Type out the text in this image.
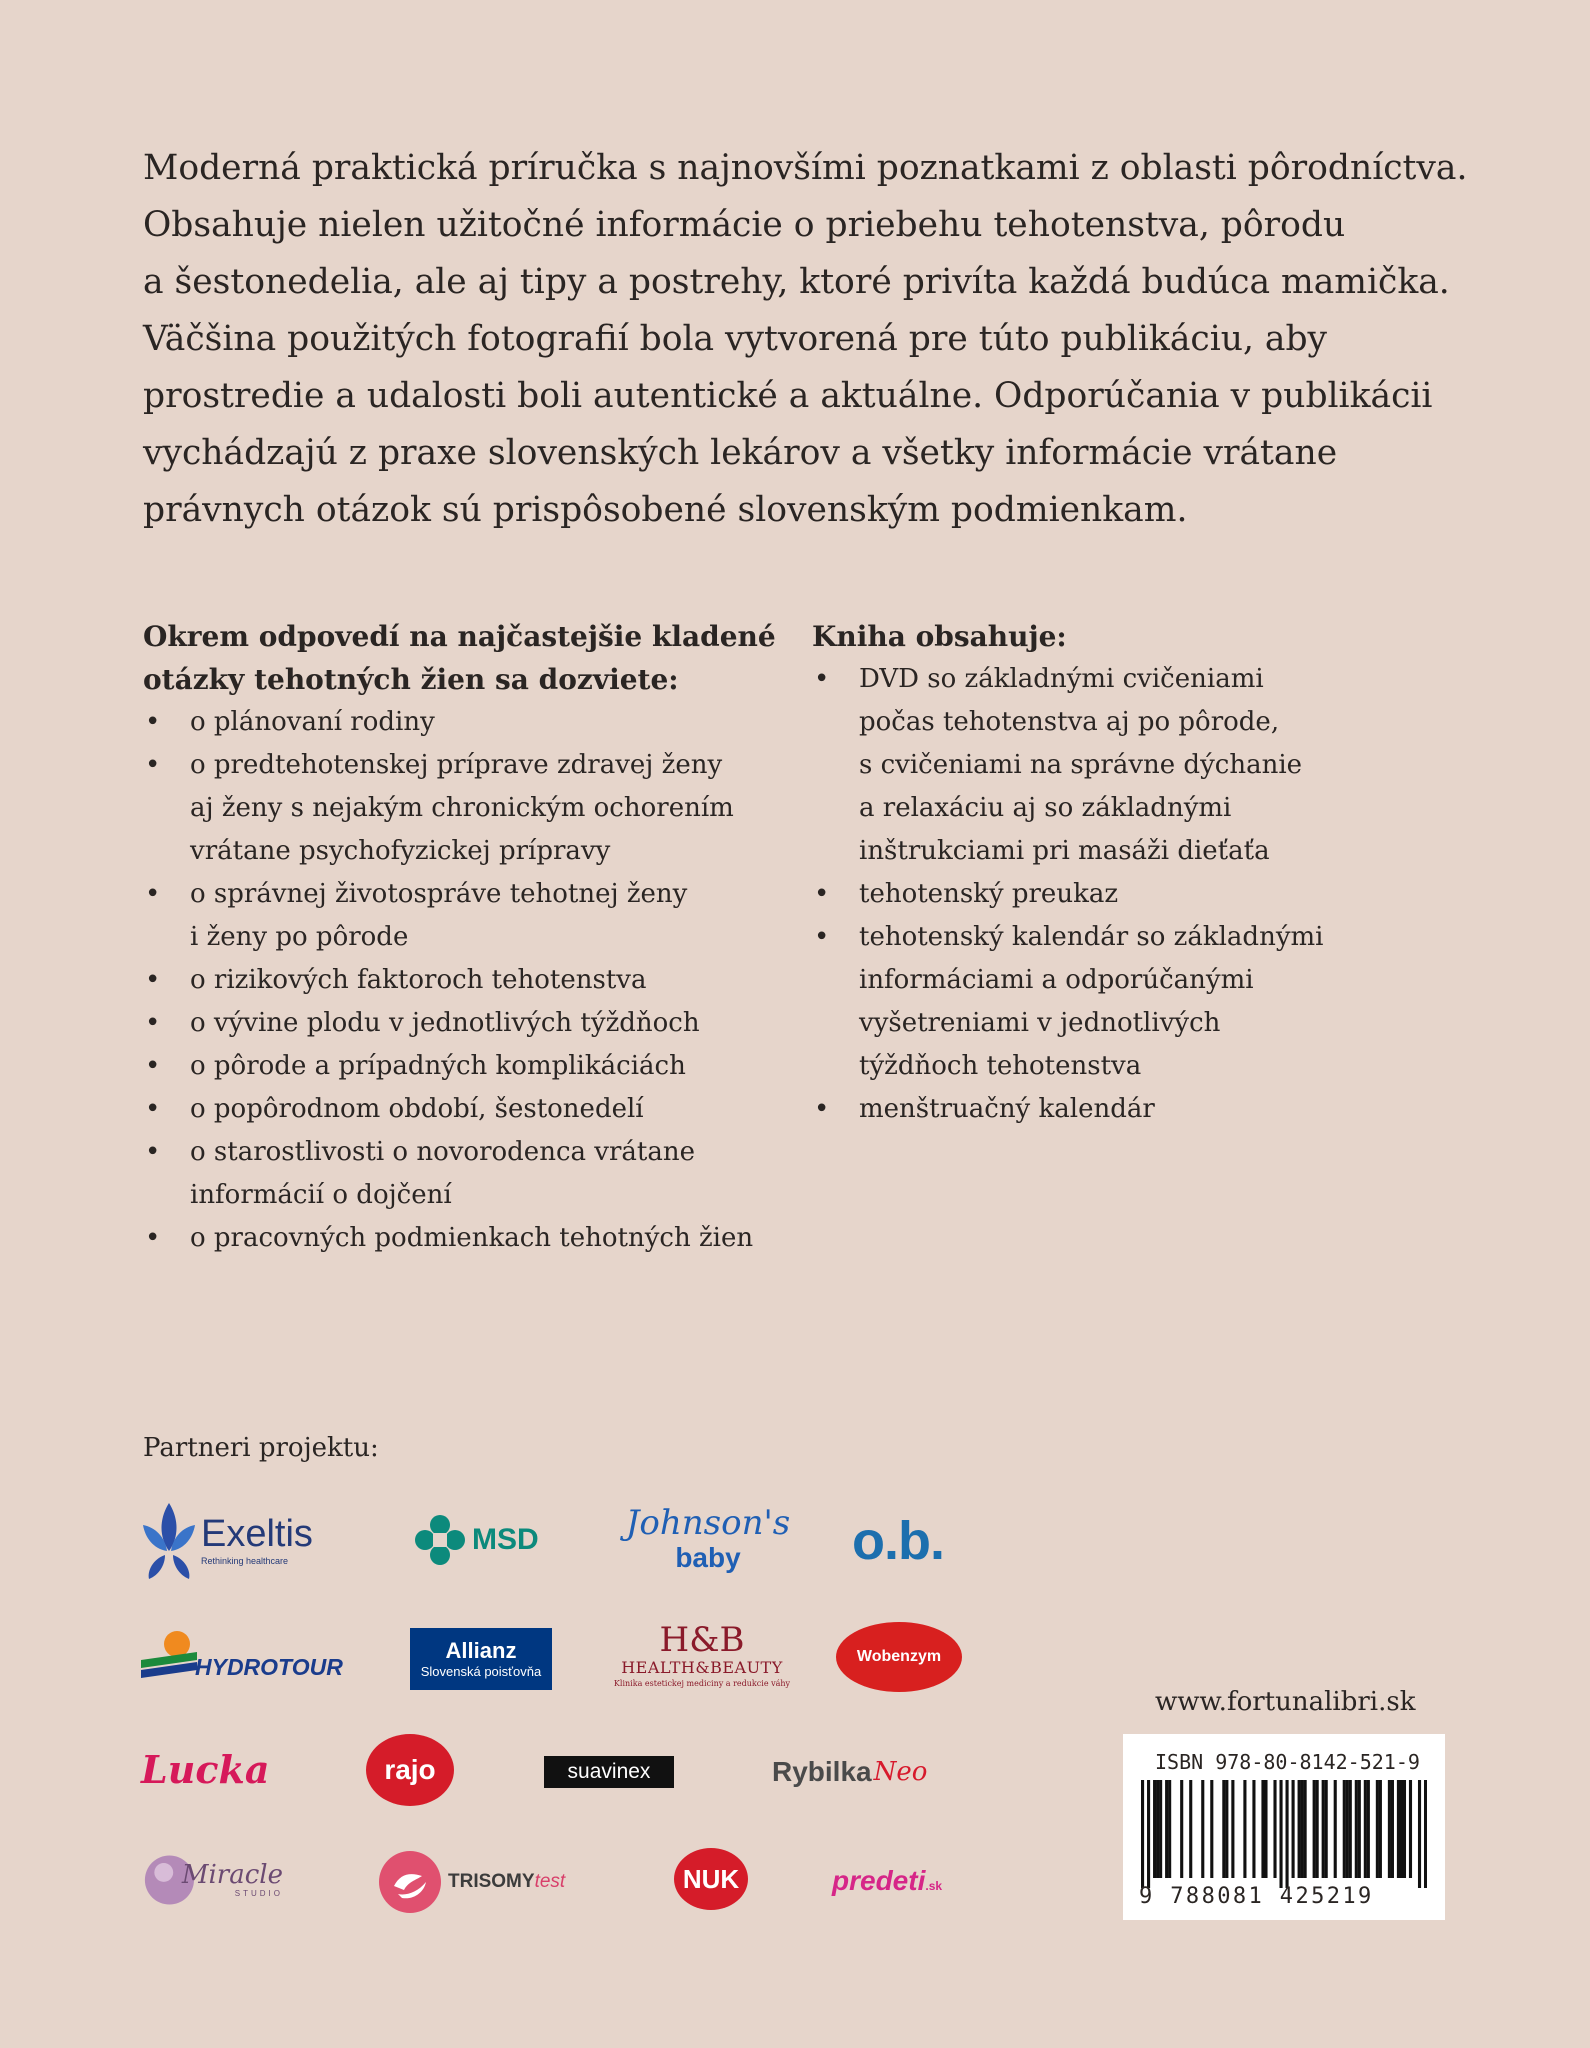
Moderná praktická príručka s najnovšími poznatkami z oblasti pôrodníctva.
Obsahuje nielen užitočné informácie o priebehu tehotenstva, pôrodu
a šestonedelia, ale aj tipy a postrehy, ktoré privíta každá budúca mamička.
Väčšina použitých fotografií bola vytvorená pre túto publikáciu, aby
prostredie a udalosti boli autentické a aktuálne. Odporúčania v publikácii
vychádzajú z praxe slovenských lekárov a všetky informácie vrátane
právnych otázok sú prispôsobené slovenským podmienkam.
Okrem odpovedí na najčastejšie kladené
otázky tehotných žien sa dozviete:
• o plánovaní rodiny
• o predtehotenskej príprave zdravej ženy
aj ženy s nejakým chronickým ochorením
vrátane psychofyzickej prípravy
• o správnej životospráve tehotnej ženy
i ženy po pôrode
• o rizikových faktoroch tehotenstva
• o vývine plodu v jednotlivých týždňoch
• o pôrode a prípadných komplikáciách
• o popôrodnom období, šestonedelí
• o starostlivosti o novorodenca vrátane
informácií o dojčení
• o pracovných podmienkach tehotných žien
Kniha obsahuje:
• DVD so základnými cvičeniami
počas tehotenstva aj po pôrode,
s cvičeniami na správne dýchanie
a relaxáciu aj so základnými
inštrukciami pri masáži dieťaťa
• tehotenský preukaz
• tehotenský kalendár so základnými
informáciami a odporúčanými
vyšetreniami v jednotlivých
týždňoch tehotenstva
• menštruačný kalendár

Partneri projektu:

Exeltis
Rethinking healthcare
MSD	Johnson's
baby o.b.
HYDROTOUR
Allianz
Slovenská poisťovňa
H&B
HEALTH&BEAUTY
Klinika estetickej mediciny a redukcie váhy
Wobenzym
Lucka	rajo	suavinex	Rybilka Neo
Miracle
STUDIO
TRISOMY test	NUK	predeti .sk
www.fortunalibri.sk
ISBN 978-80-8142-521-9
9 788081 425219
